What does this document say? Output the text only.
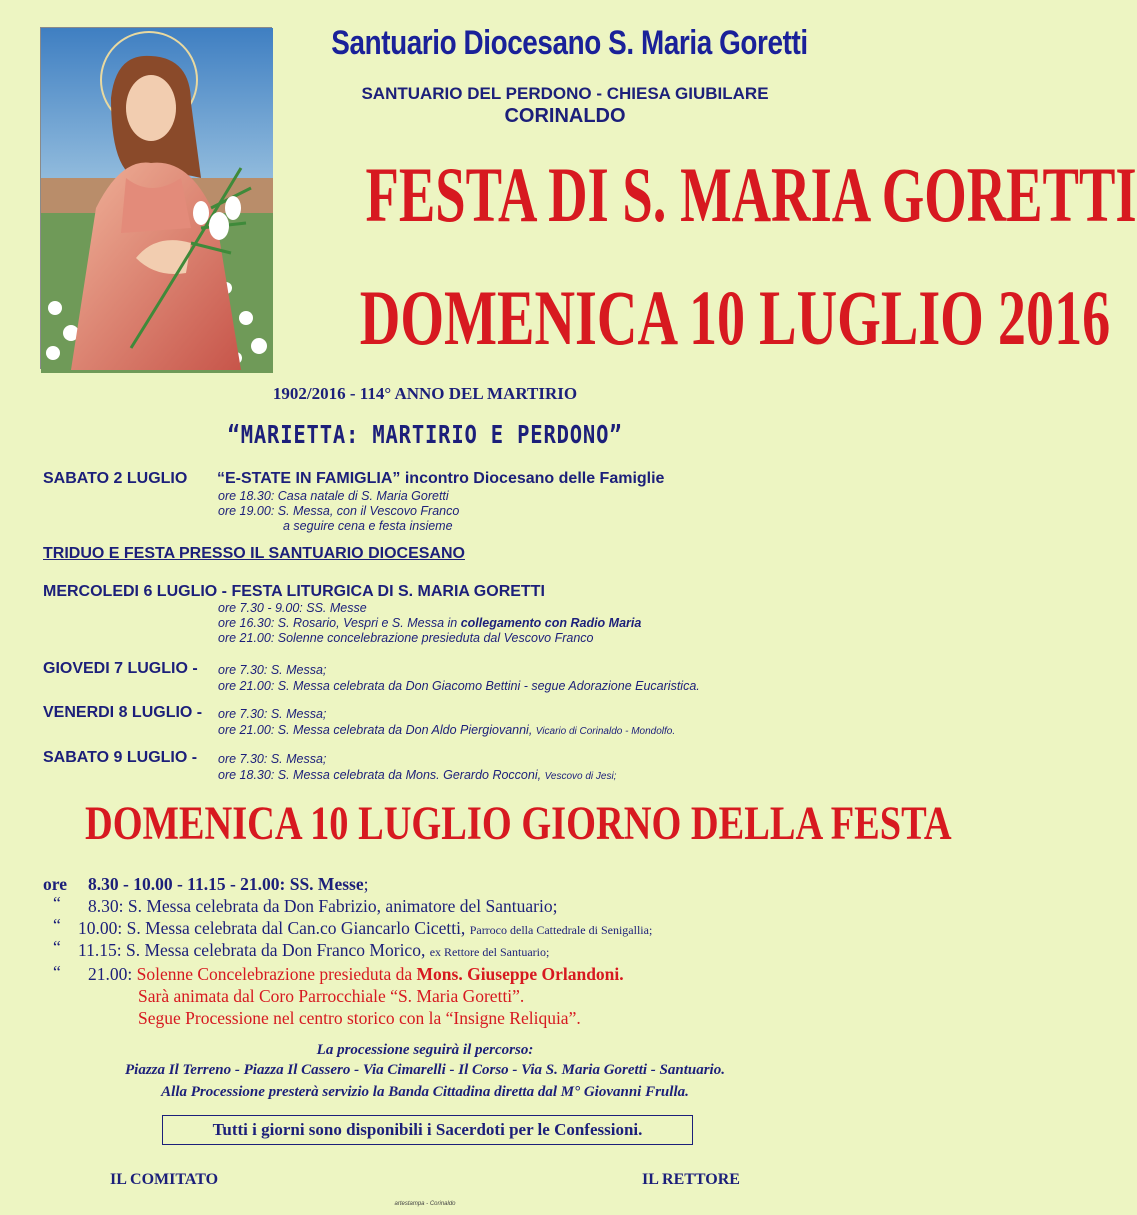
Santuario Diocesano S. Maria Goretti
SANTUARIO DEL PERDONO - CHIESA GIUBILARE
CORINALDO
FESTA DI S. MARIA GORETTI
DOMENICA 10 LUGLIO 2016
1902/2016 - 114° ANNO DEL MARTIRIO
“MARIETTA: MARTIRIO E PERDONO”
SABATO 2 LUGLIO “E-STATE IN FAMIGLIA” incontro Diocesano delle Famiglie
ore 18.30: Casa natale di S. Maria Goretti
ore 19.00: S. Messa, con il Vescovo Franco
a seguire cena e festa insieme
TRIDUO E FESTA PRESSO IL SANTUARIO DIOCESANO
MERCOLEDI 6 LUGLIO - FESTA LITURGICA DI S. MARIA GORETTI
ore 7.30 - 9.00: SS. Messe
ore 16.30: S. Rosario, Vespri e S. Messa in collegamento con Radio Maria
ore 21.00: Solenne concelebrazione presieduta dal Vescovo Franco
GIOVEDI 7 LUGLIO - ore 7.30: S. Messa;
ore 21.00: S. Messa celebrata da Don Giacomo Bettini - segue Adorazione Eucaristica.
VENERDI 8 LUGLIO - ore 7.30: S. Messa;
ore 21.00: S. Messa celebrata da Don Aldo Piergiovanni, Vicario di Corinaldo - Mondolfo.
SABATO 9 LUGLIO - ore 7.30: S. Messa;
ore 18.30: S. Messa celebrata da Mons. Gerardo Rocconi, Vescovo di Jesi;
DOMENICA 10 LUGLIO GIORNO DELLA FESTA
ore 8.30 - 10.00 - 11.15 - 21.00: SS. Messe;
“ 8.30: S. Messa celebrata da Don Fabrizio, animatore del Santuario;
“ 10.00: S. Messa celebrata dal Can.co Giancarlo Cicetti, Parroco della Cattedrale di Senigallia;
“ 11.15: S. Messa celebrata da Don Franco Morico, ex Rettore del Santuario;
“ 21.00: Solenne Concelebrazione presieduta da Mons. Giuseppe Orlandoni.
Sarà animata dal Coro Parrocchiale “S. Maria Goretti”.
Segue Processione nel centro storico con la “Insigne Reliquia”.
La processione seguirà il percorso:
Piazza Il Terreno - Piazza Il Cassero - Via Cimarelli - Il Corso - Via S. Maria Goretti - Santuario.
Alla Processione presterà servizio la Banda Cittadina diretta dal M° Giovanni Frulla.
Tutti i giorni sono disponibili i Sacerdoti per le Confessioni.
IL COMITATO	IL RETTORE
artestampa - Corinaldo
